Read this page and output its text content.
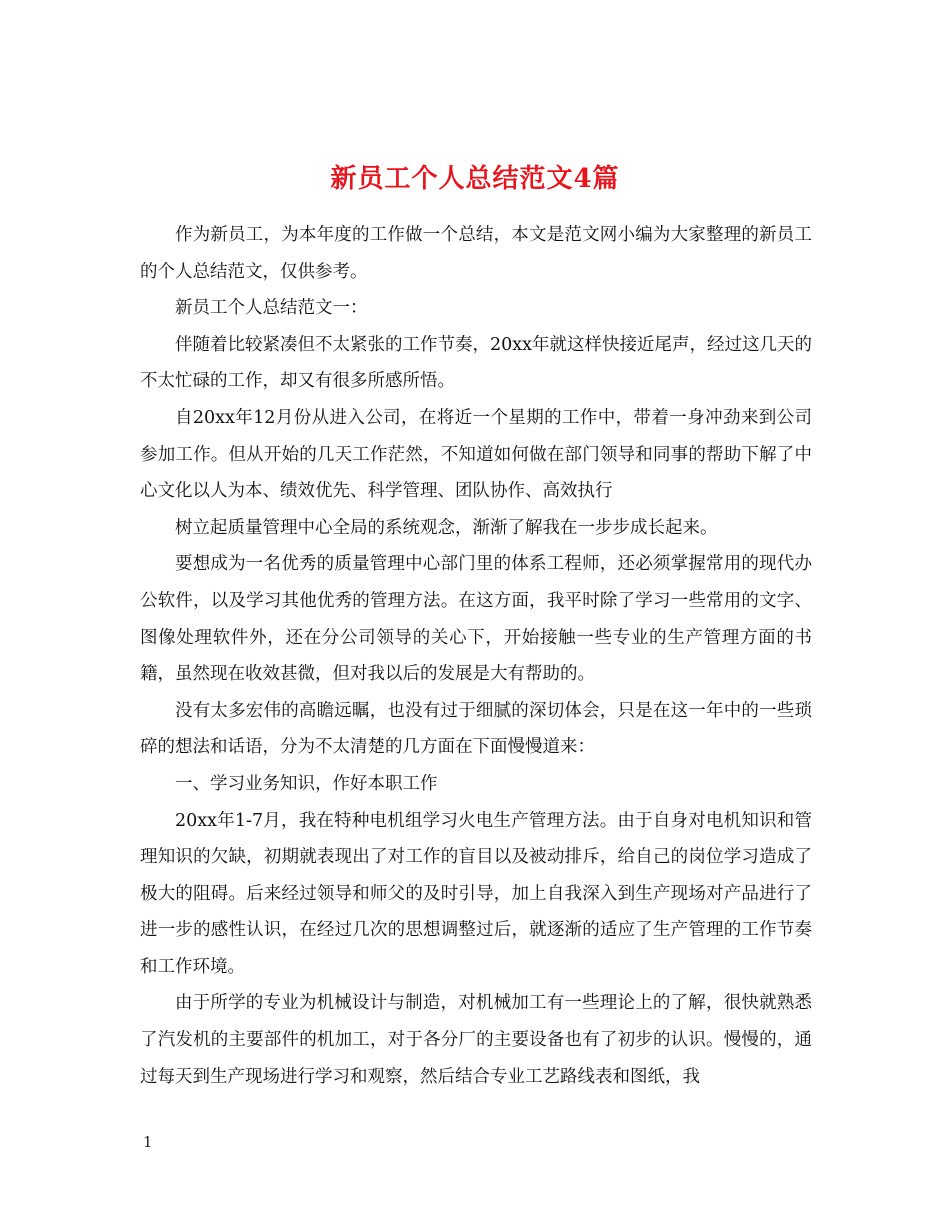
新员工个人总结范文4篇

作为新员工，为本年度的工作做一个总结，本文是范文网小编为大家整理的新员工的个人总结范文，仅供参考。

新员工个人总结范文一：

伴随着比较紧凑但不太紧张的工作节奏，20xx年就这样快接近尾声，经过这几天的不太忙碌的工作，却又有很多所感所悟。

自20xx年12月份从进入公司，在将近一个星期的工作中，带着一身冲劲来到公司参加工作。但从开始的几天工作茫然，不知道如何做在部门领导和同事的帮助下解了中心文化以人为本、绩效优先、科学管理、团队协作、高效执行

树立起质量管理中心全局的系统观念，渐渐了解我在一步步成长起来。

要想成为一名优秀的质量管理中心部门里的体系工程师，还必须掌握常用的现代办公软件，以及学习其他优秀的管理方法。在这方面，我平时除了学习一些常用的文字、图像处理软件外，还在分公司领导的关心下，开始接触一些专业的生产管理方面的书籍，虽然现在收效甚微，但对我以后的发展是大有帮助的。

没有太多宏伟的高瞻远瞩，也没有过于细腻的深切体会，只是在这一年中的一些琐碎的想法和话语，分为不太清楚的几方面在下面慢慢道来：

一、学习业务知识，作好本职工作

20xx年1-7月，我在特种电机组学习火电生产管理方法。由于自身对电机知识和管理知识的欠缺，初期就表现出了对工作的盲目以及被动排斥，给自己的岗位学习造成了极大的阻碍。后来经过领导和师父的及时引导，加上自我深入到生产现场对产品进行了进一步的感性认识，在经过几次的思想调整过后，就逐渐的适应了生产管理的工作节奏和工作环境。

由于所学的专业为机械设计与制造，对机械加工有一些理论上的了解，很快就熟悉了汽发机的主要部件的机加工，对于各分厂的主要设备也有了初步的认识。慢慢的，通过每天到生产现场进行学习和观察，然后结合专业工艺路线表和图纸，我

1
